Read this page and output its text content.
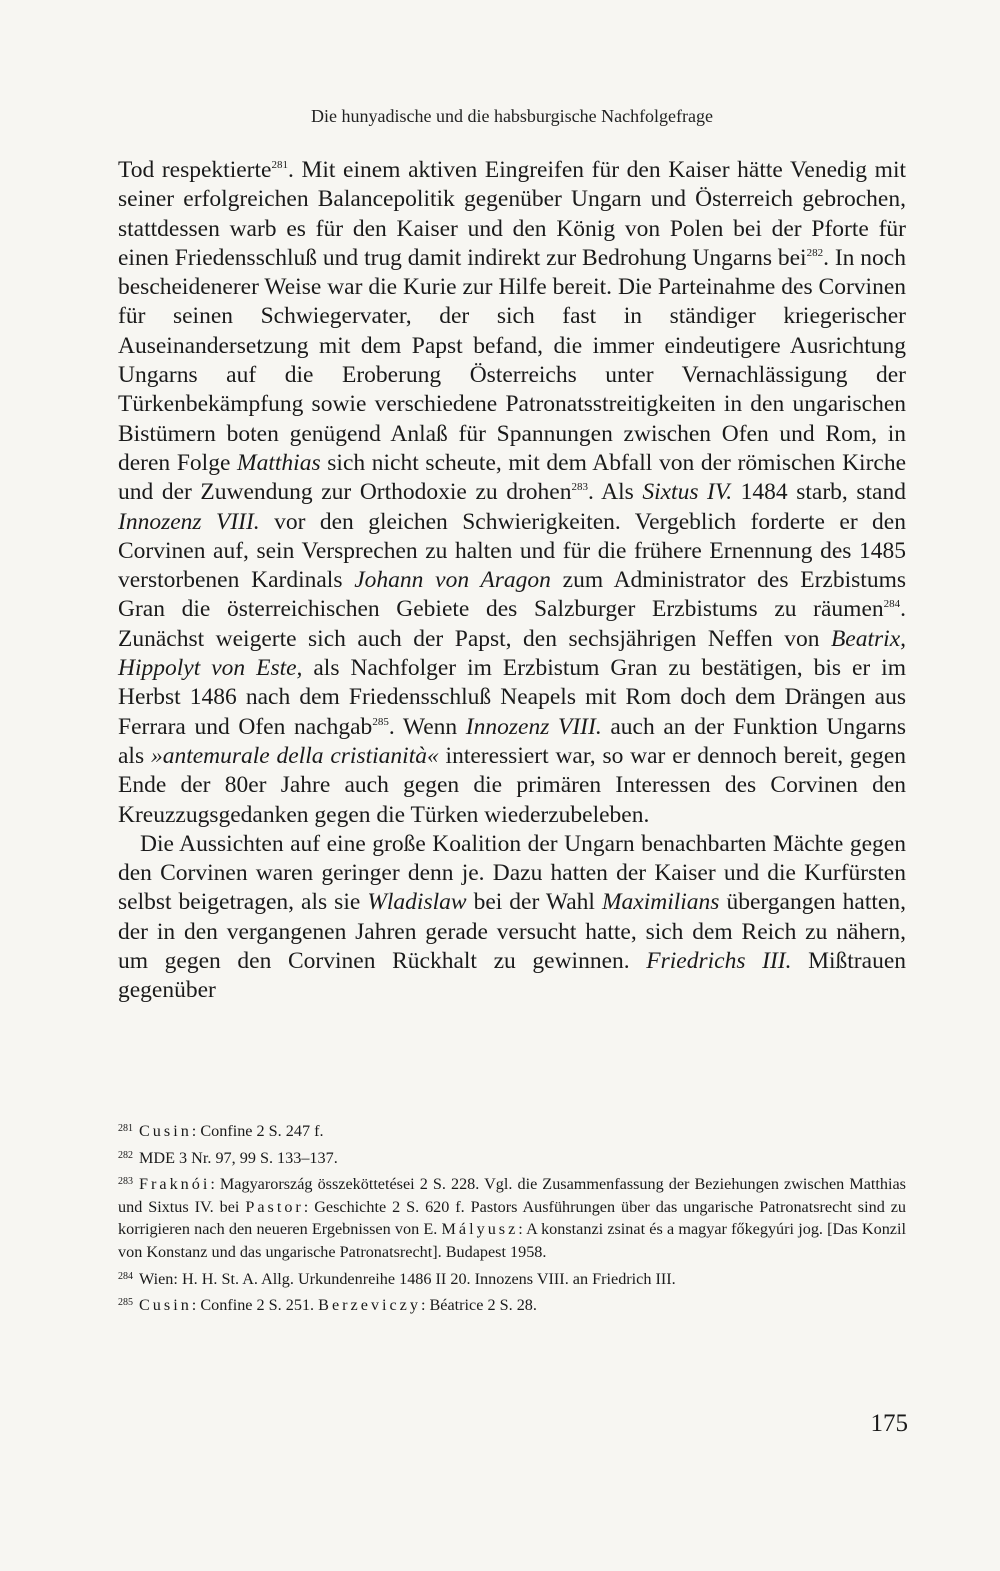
Die hunyadische und die habsburgische Nachfolgefrage

Tod respektierte$^{281}$. Mit einem aktiven Eingreifen für den Kaiser hätte Venedig mit seiner erfolgreichen Balancepolitik gegenüber Ungarn und Österreich gebrochen, stattdessen warb es für den Kaiser und den König von Polen bei der Pforte für einen Friedensschluß und trug damit indirekt zur Bedrohung Ungarns bei$^{282}$. In noch bescheidenerer Weise war die Kurie zur Hilfe bereit. Die Parteinahme des Corvinen für seinen Schwiegervater, der sich fast in ständiger kriegerischer Auseinandersetzung mit dem Papst befand, die immer eindeutigere Ausrichtung Ungarns auf die Eroberung Österreichs unter Vernachlässigung der Türkenbekämpfung sowie verschiedene Patronatsstreitigkeiten in den ungarischen Bistümern boten genügend Anlaß für Spannungen zwischen Ofen und Rom, in deren Folge Matthias sich nicht scheute, mit dem Abfall von der römischen Kirche und der Zuwendung zur Orthodoxie zu drohen$^{283}$. Als Sixtus IV. 1484 starb, stand Innozenz VIII. vor den gleichen Schwierigkeiten. Vergeblich forderte er den Corvinen auf, sein Versprechen zu halten und für die frühere Ernennung des 1485 verstorbenen Kardinals Johann von Aragon zum Administrator des Erzbistums Gran die österreichischen Gebiete des Salzburger Erzbistums zu räumen$^{284}$. Zunächst weigerte sich auch der Papst, den sechsjährigen Neffen von Beatrix, Hippolyt von Este, als Nachfolger im Erzbistum Gran zu bestätigen, bis er im Herbst 1486 nach dem Friedensschluß Neapels mit Rom doch dem Drängen aus Ferrara und Ofen nachgab$^{285}$. Wenn Innozenz VIII. auch an der Funktion Ungarns als »antemurale della cristianità« interessiert war, so war er dennoch bereit, gegen Ende der 80er Jahre auch gegen die primären Interessen des Corvinen den Kreuzzugsgedanken gegen die Türken wiederzubeleben.

Die Aussichten auf eine große Koalition der Ungarn benachbarten Mächte gegen den Corvinen waren geringer denn je. Dazu hatten der Kaiser und die Kurfürsten selbst beigetragen, als sie Wladislaw bei der Wahl Maximilians übergangen hatten, der in den vergangenen Jahren gerade versucht hatte, sich dem Reich zu nähern, um gegen den Corvinen Rückhalt zu gewinnen. Friedrichs III. Mißtrauen gegenüber

$^{281}$ Cusin: Confine 2 S. 247 f.
$^{282}$ MDE 3 Nr. 97, 99 S. 133–137.
$^{283}$ Fraknói: Magyarország összeköttetései 2 S. 228. Vgl. die Zusammenfassung der Beziehungen zwischen Matthias und Sixtus IV. bei Pastor: Geschichte 2 S. 620 f. Pastors Ausführungen über das ungarische Patronatsrecht sind zu korrigieren nach den neueren Ergebnissen von E. Mályusz: A konstanzi zsinat és a magyar főkegyúri jog. [Das Konzil von Konstanz und das ungarische Patronatsrecht]. Budapest 1958.
$^{284}$ Wien: H. H. St. A. Allg. Urkundenreihe 1486 II 20. Innozens VIII. an Friedrich III.
$^{285}$ Cusin: Confine 2 S. 251. Berzeviczy: Béatrice 2 S. 28.
175
